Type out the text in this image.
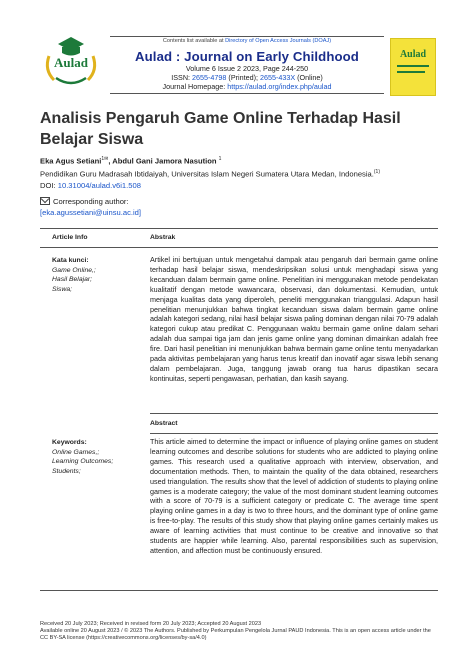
Aulad
Contents list available at Directory of Open Access Journals (DOAJ)
Aulad : Journal on Early Childhood
Volume 6 Issue 2 2023, Page 244-250
ISSN: 2655-4798 (Printed); 2655-433X (Online)
Journal Homepage: https://aulad.org/index.php/aulad
Aulad
Analisis Pengaruh Game Online Terhadap Hasil Belajar Siswa
Eka Agus Setiani$^{1✉}$, Abdul Gani Jamora Nasution $^1$
Pendidikan Guru Madrasah Ibtidaiyah, Universitas Islam Negeri Sumatera Utara Medan, Indonesia.$^{(1)}$
DOI: 10.31004/aulad.v6i1.508
Corresponding author:
[eka.agussetiani@uinsu.ac.id]
Article Info	Abstrak
Kata kunci:
Game Online,;
Hasil Belajar;
Siswa;
Artikel ini bertujuan untuk mengetahui dampak atau pengaruh dari bermain game online terhadap hasil belajar siswa, mendeskripsikan solusi untuk menghadapi siswa yang kecanduan dalam bermain game online. Penelitian ini menggunakan metode pendekatan kualitatif dengan metode wawancara, observasi, dan dokumentasi. Kemudian, untuk menjaga kualitas data yang diperoleh, peneliti menggunakan trianggulasi. Adapun hasil penelitian menunjukkan bahwa tingkat kecanduan siswa dalam bermain game online adalah kategori sedang, nilai hasil belajar siswa paling dominan dengan nilai 70-79 adalah kategori cukup atau predikat C. Penggunaan waktu bermain game online dalam sehari adalah dua sampai tiga jam dan jenis game online yang dominan dimainkan adalah free fire. Dari hasil penelitian ini menunjukkan bahwa bermain game online tentu menyadarkan pada aktivitas pembelajaran yang harus terus kreatif dan inovatif agar siswa lebih senang dalam pembelajaran. Juga, tanggung jawab orang tua harus dipastikan secara kontinuitas, seperti pengawasan, perhatian, dan kasih sayang.
Abstract
Keywords:
Online Games,;
Learning Outcomes;
Students;
This article aimed to determine the impact or influence of playing online games on student learning outcomes and describe solutions for students who are addicted to playing online games. This research used a qualitative approach with interview, observation, and documentation methods. Then, to maintain the quality of the data obtained, researchers used triangulation. The results show that the level of addiction of students to playing online games is a moderate category; the value of the most dominant student learning outcomes with a score of 70-79 is a sufficient category or predicate C. The average time spent playing online games in a day is two to three hours, and the dominant type of online game is free-to-play. The results of this study show that playing online games certainly makes us aware of learning activities that must continue to be creative and innovative so that students are happier while learning. Also, parental responsibilities such as supervision, attention, and affection must be continuously ensured.
Received 20 July 2023; Received in revised form 20 July 2023; Accepted 20 August 2023
Available online 20 August 2023 / © 2023 The Authors. Published by Perkumpulan Pengelola Jurnal PAUD Indonesia. This is an open access article under the CC BY-SA license (https://creativecommons.org/licenses/by-sa/4.0)
